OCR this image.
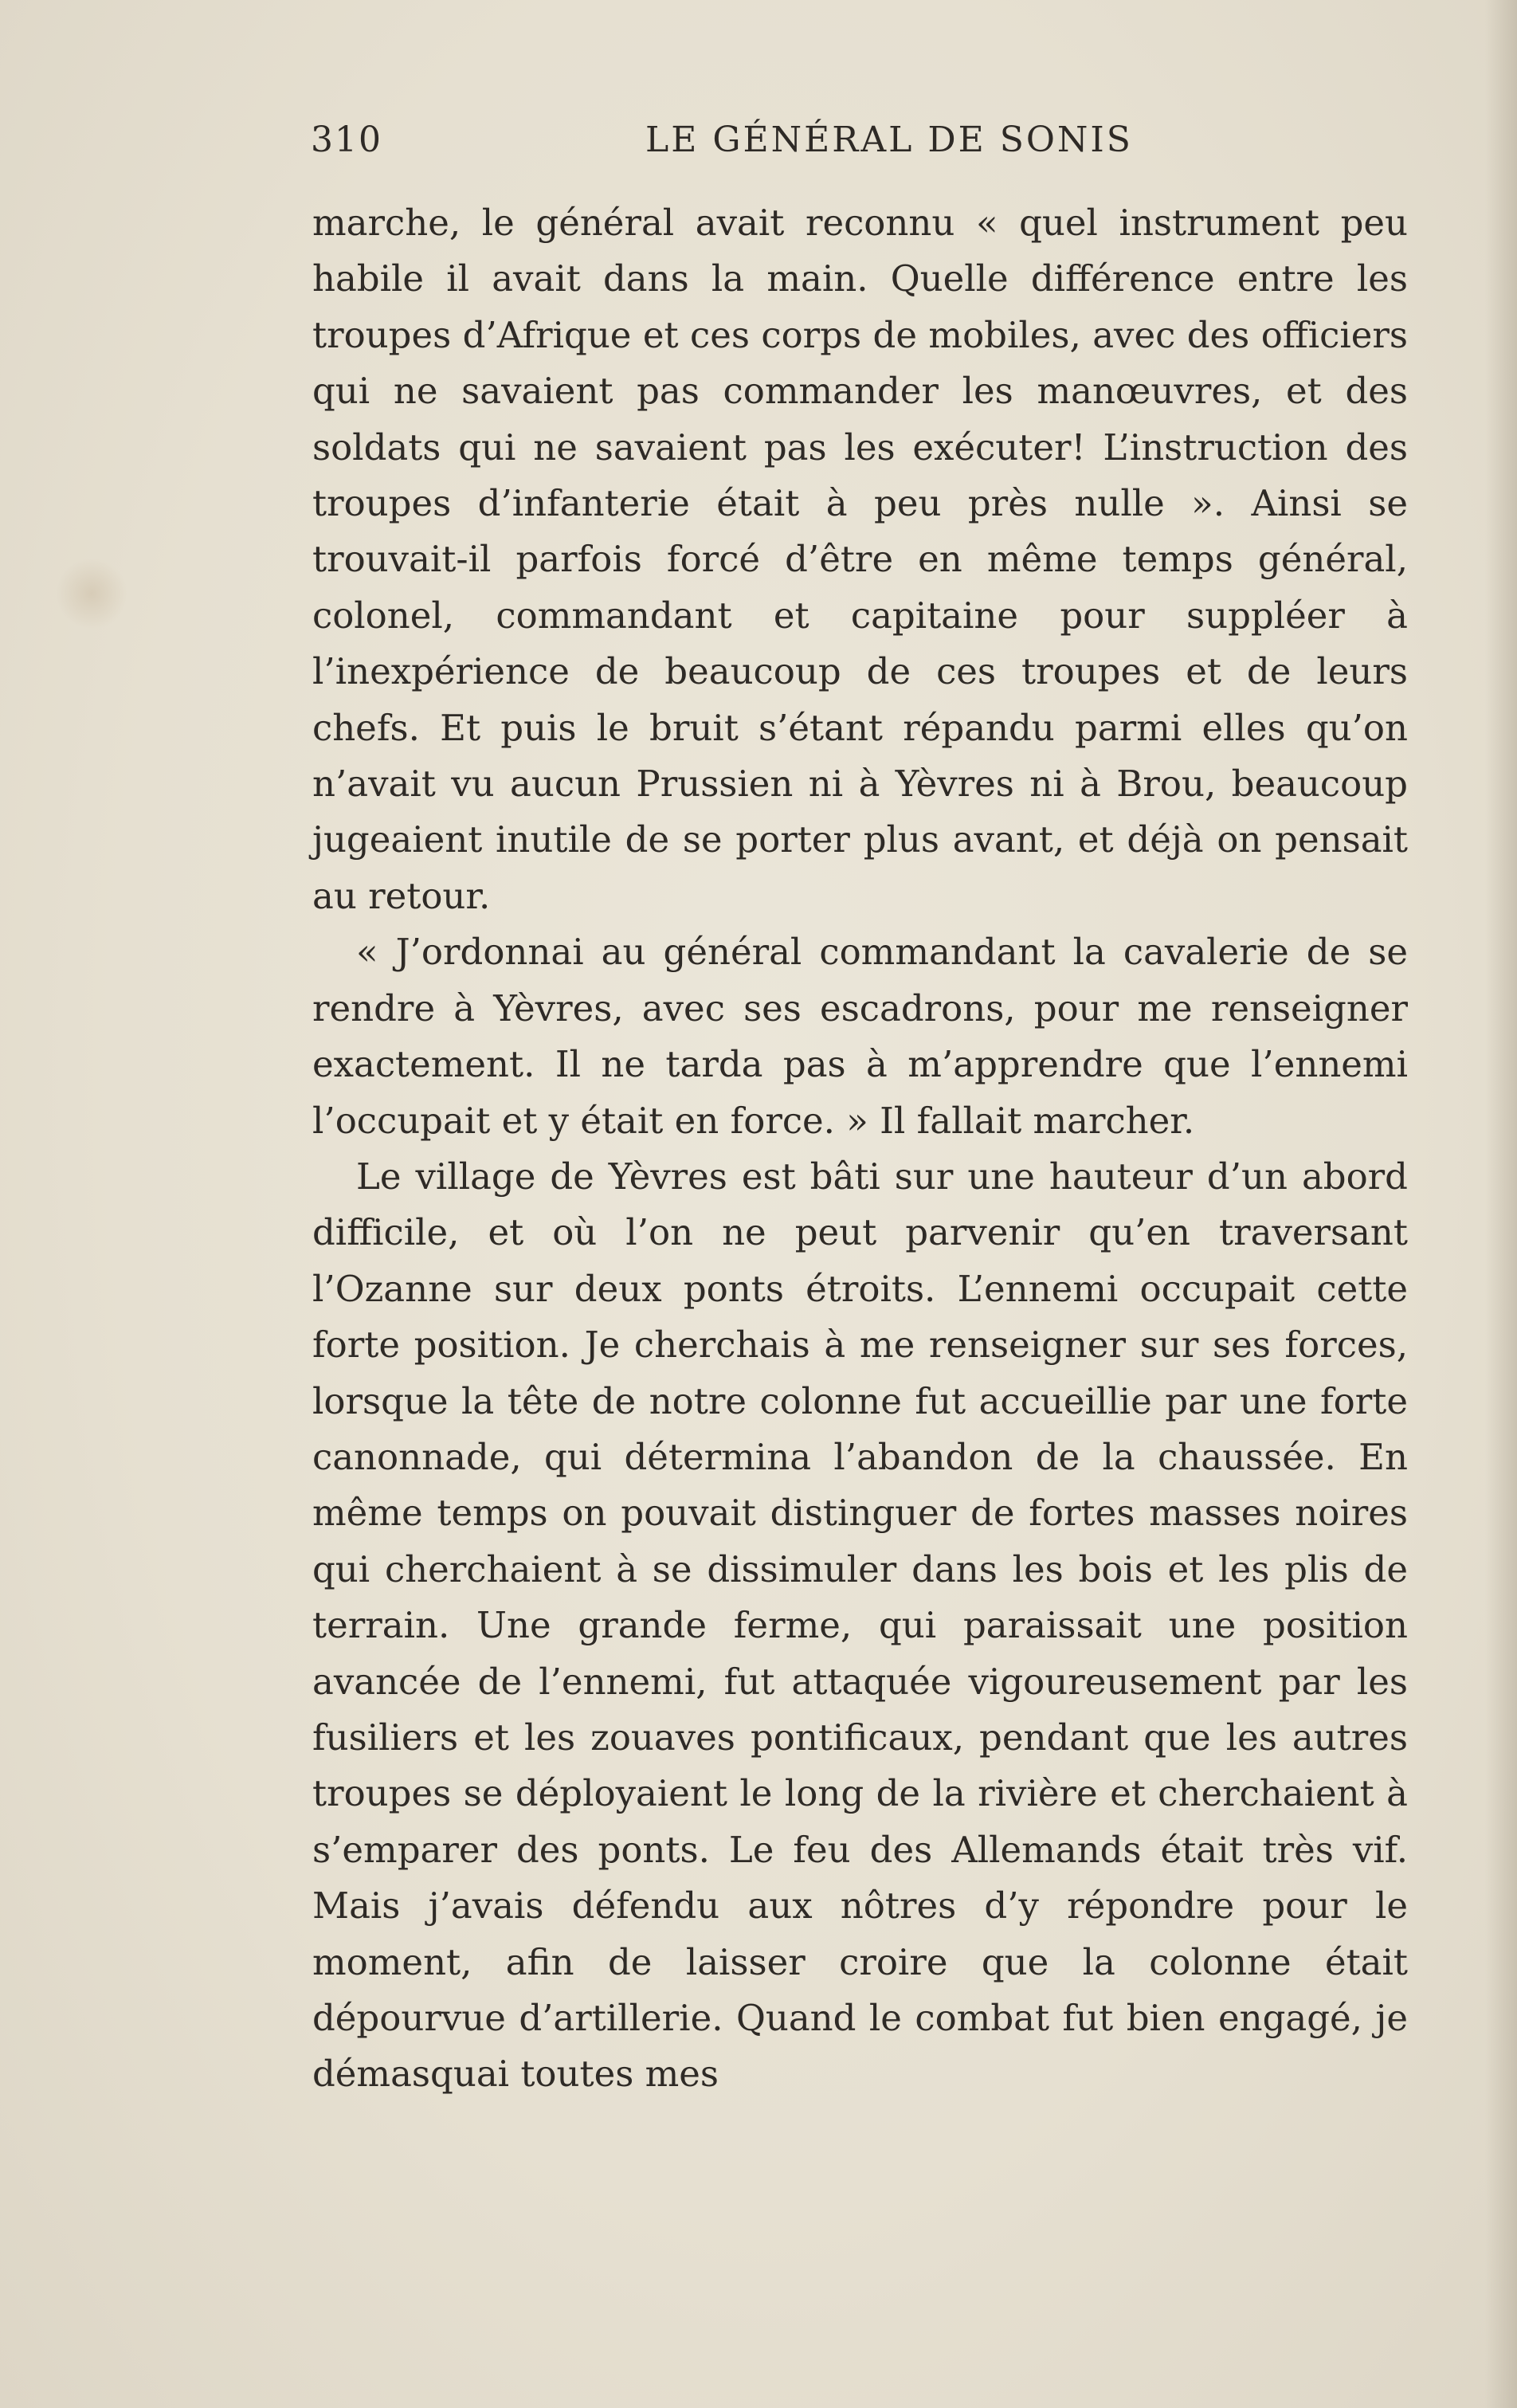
310	LE GÉNÉRAL DE SONIS

marche, le général avait reconnu « quel instrument peu habile il avait dans la main. Quelle différence entre les troupes d’Afrique et ces corps de mobiles, avec des officiers qui ne savaient pas commander les manœuvres, et des soldats qui ne savaient pas les exécuter! L’instruction des troupes d’infanterie était à peu près nulle ». Ainsi se trouvait-il parfois forcé d’être en même temps général, colonel, commandant et capitaine pour suppléer à l’inexpérience de beaucoup de ces troupes et de leurs chefs. Et puis le bruit s’étant répandu parmi elles qu’on n’avait vu aucun Prussien ni à Yèvres ni à Brou, beaucoup jugeaient inutile de se porter plus avant, et déjà on pensait au retour.

« J’ordonnai au général commandant la cavalerie de se rendre à Yèvres, avec ses escadrons, pour me renseigner exactement. Il ne tarda pas à m’apprendre que l’ennemi l’occupait et y était en force. » Il fallait marcher.

Le village de Yèvres est bâti sur une hauteur d’un abord difficile, et où l’on ne peut parvenir qu’en traversant l’Ozanne sur deux ponts étroits. L’ennemi occupait cette forte position. Je cherchais à me renseigner sur ses forces, lorsque la tête de notre colonne fut accueillie par une forte canonnade, qui détermina l’abandon de la chaussée. En même temps on pouvait distinguer de fortes masses noires qui cherchaient à se dissimuler dans les bois et les plis de terrain. Une grande ferme, qui paraissait une position avancée de l’ennemi, fut attaquée vigoureusement par les fusiliers et les zouaves pontificaux, pendant que les autres troupes se déployaient le long de la rivière et cherchaient à s’emparer des ponts. Le feu des Allemands était très vif. Mais j’avais défendu aux nôtres d’y répondre pour le moment, afin de laisser croire que la colonne était dépourvue d’artillerie. Quand le combat fut bien engagé, je démasquai toutes mes
